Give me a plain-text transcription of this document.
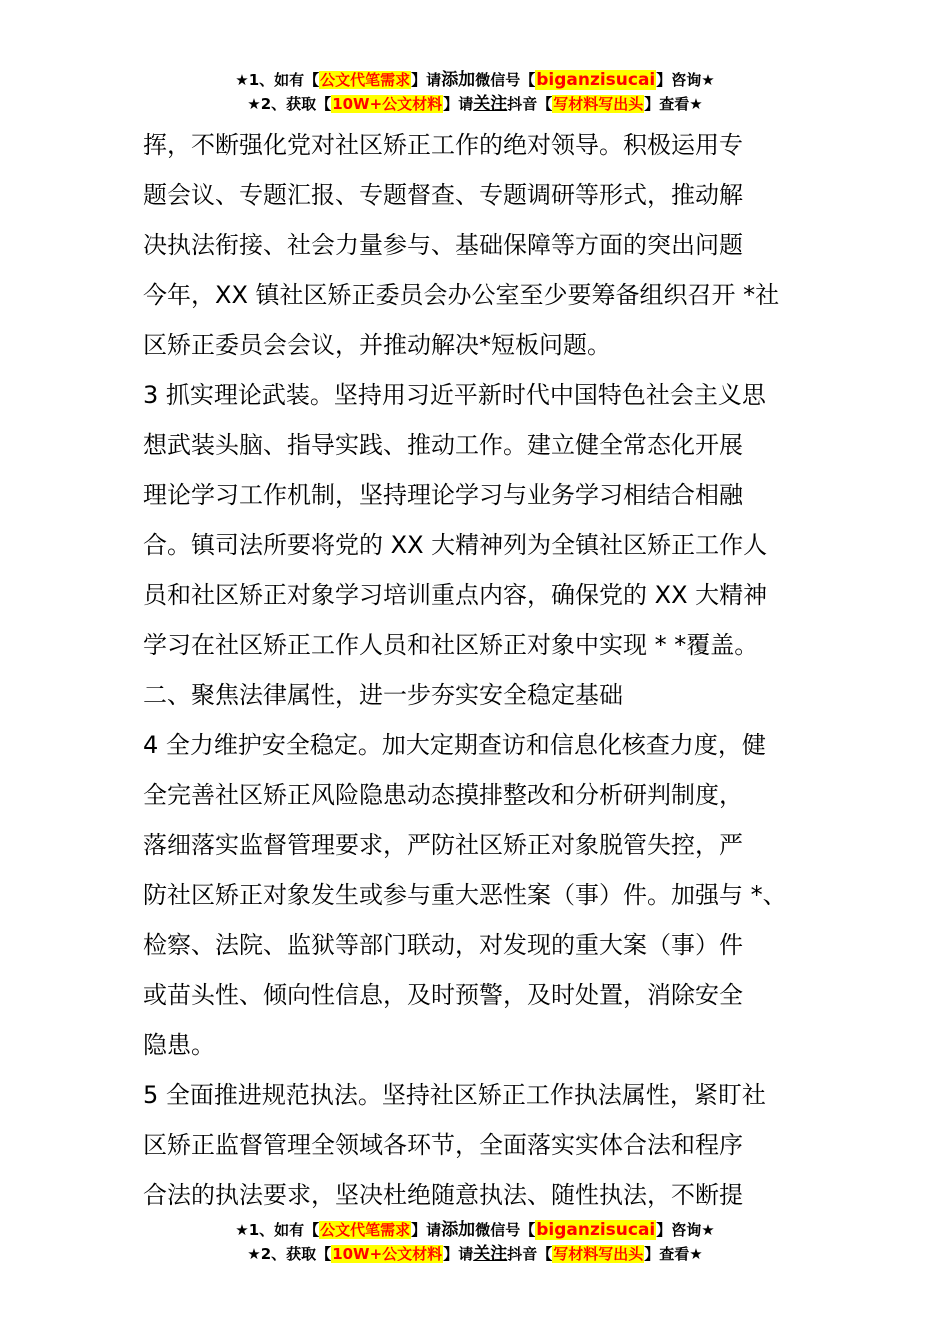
★1、如有【公文代笔需求】请添加微信号【biganzisucai】咨询★
★2、获取【10W+公文材料】请关注抖音【写材料写出头】查看★
挥，不断强化党对社区矫正工作的绝对领导。积极运用专
题会议、专题汇报、专题督查、专题调研等形式，推动解
决执法衔接、社会力量参与、基础保障等方面的突出问题
今年，XX 镇社区矫正委员会办公室至少要筹备组织召开 *社
区矫正委员会会议，并推动解决*短板问题。
3 抓实理论武装。坚持用习近平新时代中国特色社会主义思
想武装头脑、指导实践、推动工作。建立健全常态化开展
理论学习工作机制，坚持理论学习与业务学习相结合相融
合。镇司法所要将党的 XX 大精神列为全镇社区矫正工作人
员和社区矫正对象学习培训重点内容，确保党的 XX 大精神
学习在社区矫正工作人员和社区矫正对象中实现 * *覆盖。
二、聚焦法律属性，进一步夯实安全稳定基础
4 全力维护安全稳定。加大定期查访和信息化核查力度，健
全完善社区矫正风险隐患动态摸排整改和分析研判制度，
落细落实监督管理要求，严防社区矫正对象脱管失控，严
防社区矫正对象发生或参与重大恶性案（事）件。加强与 *、
检察、法院、监狱等部门联动，对发现的重大案（事）件
或苗头性、倾向性信息，及时预警，及时处置，消除安全
隐患。
5 全面推进规范执法。坚持社区矫正工作执法属性，紧盯社
区矫正监督管理全领域各环节，全面落实实体合法和程序
合法的执法要求，坚决杜绝随意执法、随性执法，不断提
★1、如有【公文代笔需求】请添加微信号【biganzisucai】咨询★
★2、获取【10W+公文材料】请关注抖音【写材料写出头】查看★
